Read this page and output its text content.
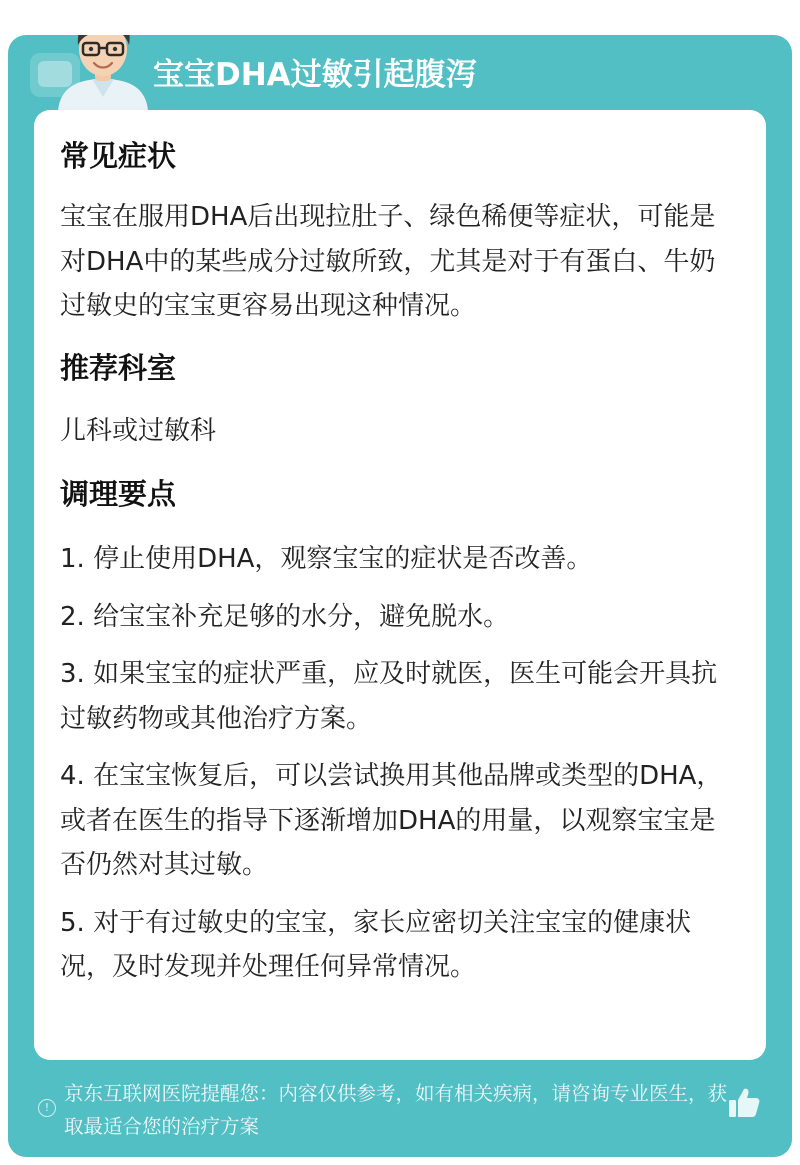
宝宝DHA过敏引起腹泻
常见症状

宝宝在服用DHA后出现拉肚子、绿色稀便等症状，可能是对DHA中的某些成分过敏所致，尤其是对于有蛋白、牛奶过敏史的宝宝更容易出现这种情况。

推荐科室

儿科或过敏科

调理要点

1. 停止使用DHA，观察宝宝的症状是否改善。

2. 给宝宝补充足够的水分，避免脱水。

3. 如果宝宝的症状严重，应及时就医，医生可能会开具抗过敏药物或其他治疗方案。

4. 在宝宝恢复后，可以尝试换用其他品牌或类型的DHA，或者在医生的指导下逐渐增加DHA的用量，以观察宝宝是否仍然对其过敏。

5. 对于有过敏史的宝宝，家长应密切关注宝宝的健康状况，及时发现并处理任何异常情况。

!
京东互联网医院提醒您：内容仅供参考，如有相关疾病，请咨询专业医生，获取最适合您的治疗方案
